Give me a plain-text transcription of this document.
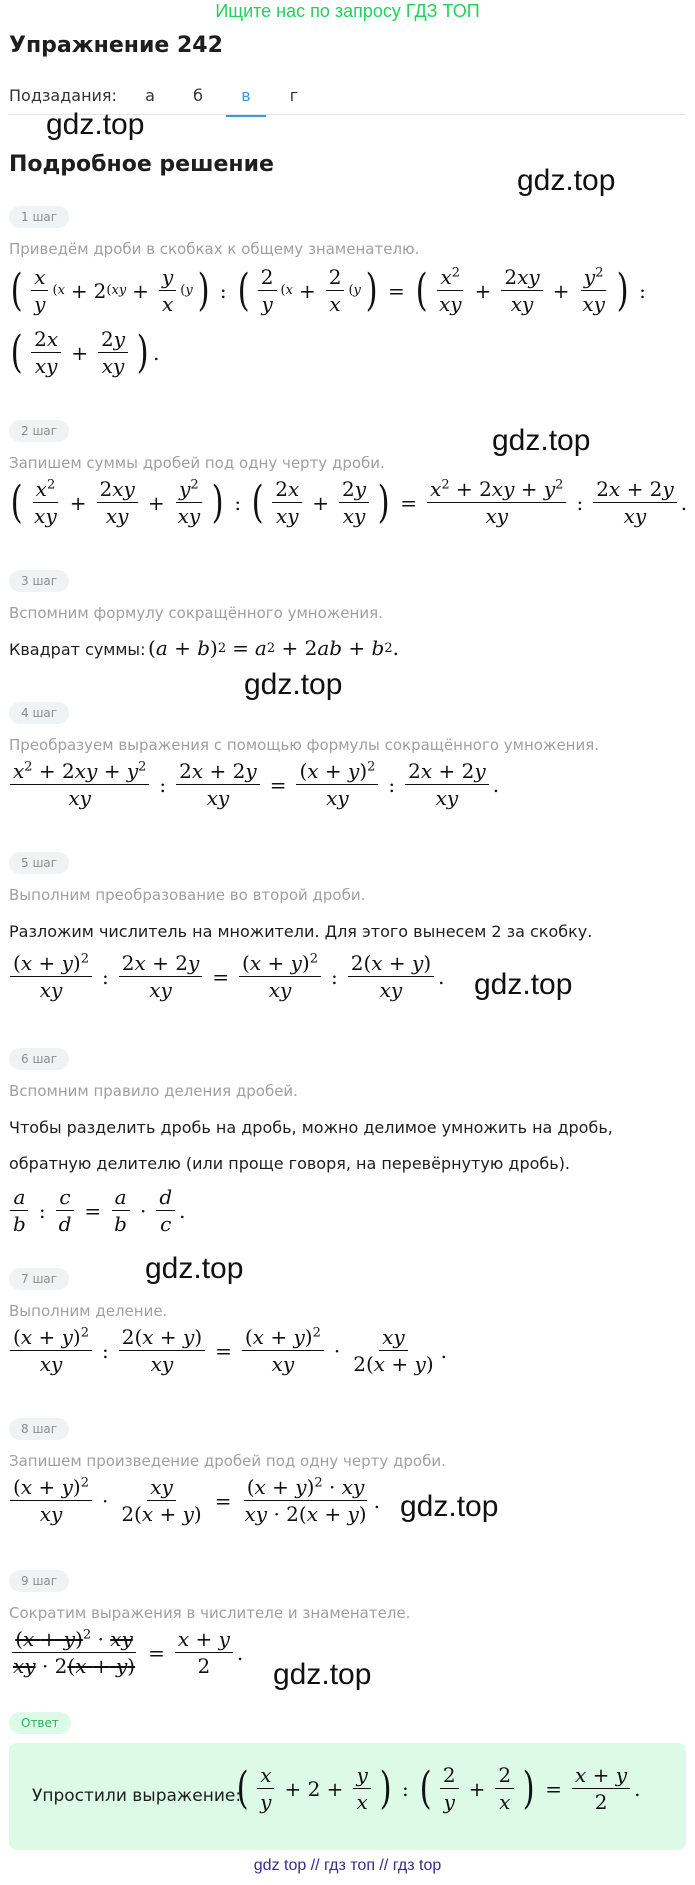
Ищите нас по запросу ГДЗ ТОП
Упражнение 242
Подзадания:	а	б	в	г
gdz.top
Подробное решение	gdz.top
1 шаг
Приведём дроби в скобках к общему знаменателю.
( $\frac{x}{y} (x + 2$ ($xy + \frac{y}{x} (y$ ) : ( $\frac{2}{y} (x + \frac{2}{x} (y$ ) = ( $\frac{x^2}{xy} + \frac{2xy}{xy} + \frac{y^2}{xy}$ ) :
( $\frac{2x}{xy} + \frac{2y}{xy}$ ) .
gdz.top
2 шаг
Запишем суммы дробей под одну черту дроби.
( $\frac{x^2}{xy} + \frac{2xy}{xy} + \frac{y^2}{xy}$ ) : ( $\frac{2x}{xy} + \frac{2y}{xy}$ ) = $\frac{x^2 + 2xy + y^2}{xy}$ : $\frac{2x + 2y}{xy}$ .
3 шаг
Вспомним формулу сокращённого умножения.
Квадрат суммы: ( a + b ) 2 = a 2 + 2 ab + b 2 .
gdz.top
4 шаг
Преобразуем выражения с помощью формулы сокращённого умножения.
$\frac{x^2 + 2xy + y^2}{xy}$ : $\frac{2x + 2y}{xy} = \frac{(x + y)^2}{xy}$ : $\frac{2x + 2y}{xy}$ .
5 шаг
Выполним преобразование во второй дроби.
Разложим числитель на множители. Для этого вынесем 2 за скобку.
$\frac{(x + y)^2}{xy}$ : $\frac{2x + 2y}{xy} = \frac{(x + y)^2}{xy}$ : $\frac{2(x + y)}{xy}$ . gdz.top
6 шаг
Вспомним правило деления дробей.
Чтобы разделить дробь на дробь, можно делимое умножить на дробь,
обратную делителю (или проще говоря, на перевёрнутую дробь).
$\frac{a}{b}$ : $\frac{c}{d} = \frac{a}{b} \cdot \frac{d}{c}$ .
7 шаг	gdz.top
Выполним деление.
$\frac{(x + y)^2}{xy}$ : $\frac{2(x + y)}{xy} = \frac{(x + y)^2}{xy} \cdot \frac{xy}{2(x + y)}$ .
8 шаг
Запишем произведение дробей под одну черту дроби.
$\frac{(x + y)^2}{xy} \cdot \frac{xy}{2(x + y)} = \frac{(x + y)^2 \cdot xy}{xy \cdot 2(x + y)}$ . gdz.top
9 шаг
Сократим выражения в числителе и знаменателе.
$\frac{(x + y)^2 \cdot xy}{xy \cdot 2(x + y)} = \frac{x + y}{2}$ .
gdz.top
Ответ
Упростили выражение:
( $\frac{x}{y} + 2 + \frac{y}{x}$ ) : ( $\frac{2}{y} + \frac{2}{x}$ ) = $\frac{x + y}{2}$ .
gdz top // гдз топ // гдз top
